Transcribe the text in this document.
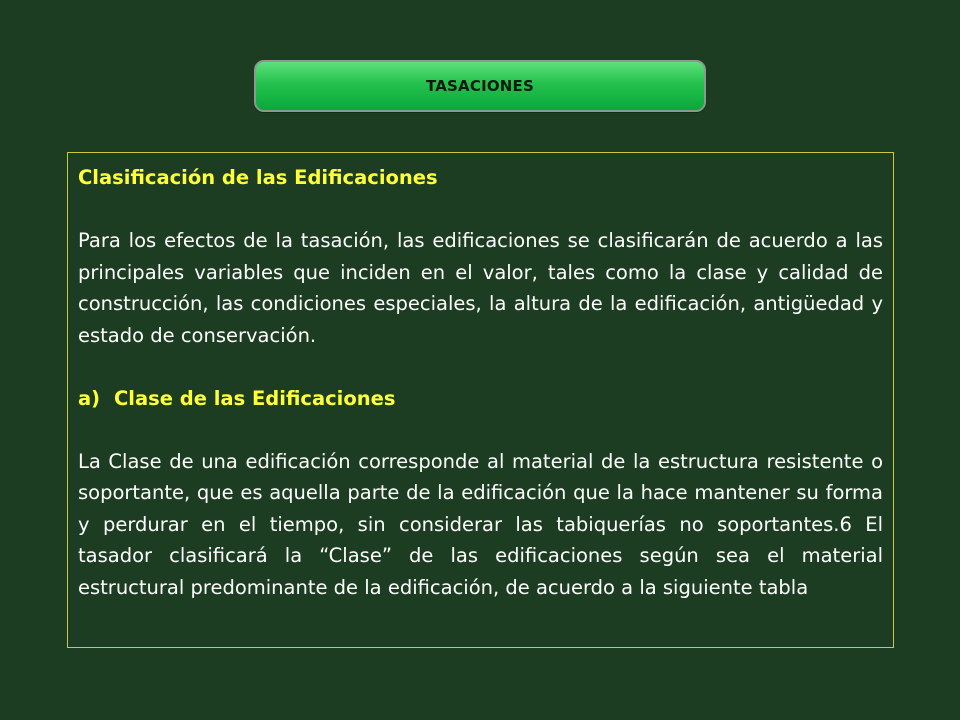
TASACIONES

Clasificación de las Edificaciones

Para los efectos de la tasación, las edificaciones se clasificarán de acuerdo a las principales variables que inciden en el valor, tales como la clase y calidad de construcción, las condiciones especiales, la altura de la edificación, antigüedad y estado de conservación.

a) Clase de las Edificaciones

La Clase de una edificación corresponde al material de la estructura resistente o soportante, que es aquella parte de la edificación que la hace mantener su forma y perdurar en el tiempo, sin considerar las tabiquerías no soportantes.6 El tasador clasificará la “Clase” de las edificaciones según sea el material estructural predominante de la edificación, de acuerdo a la siguiente tabla
